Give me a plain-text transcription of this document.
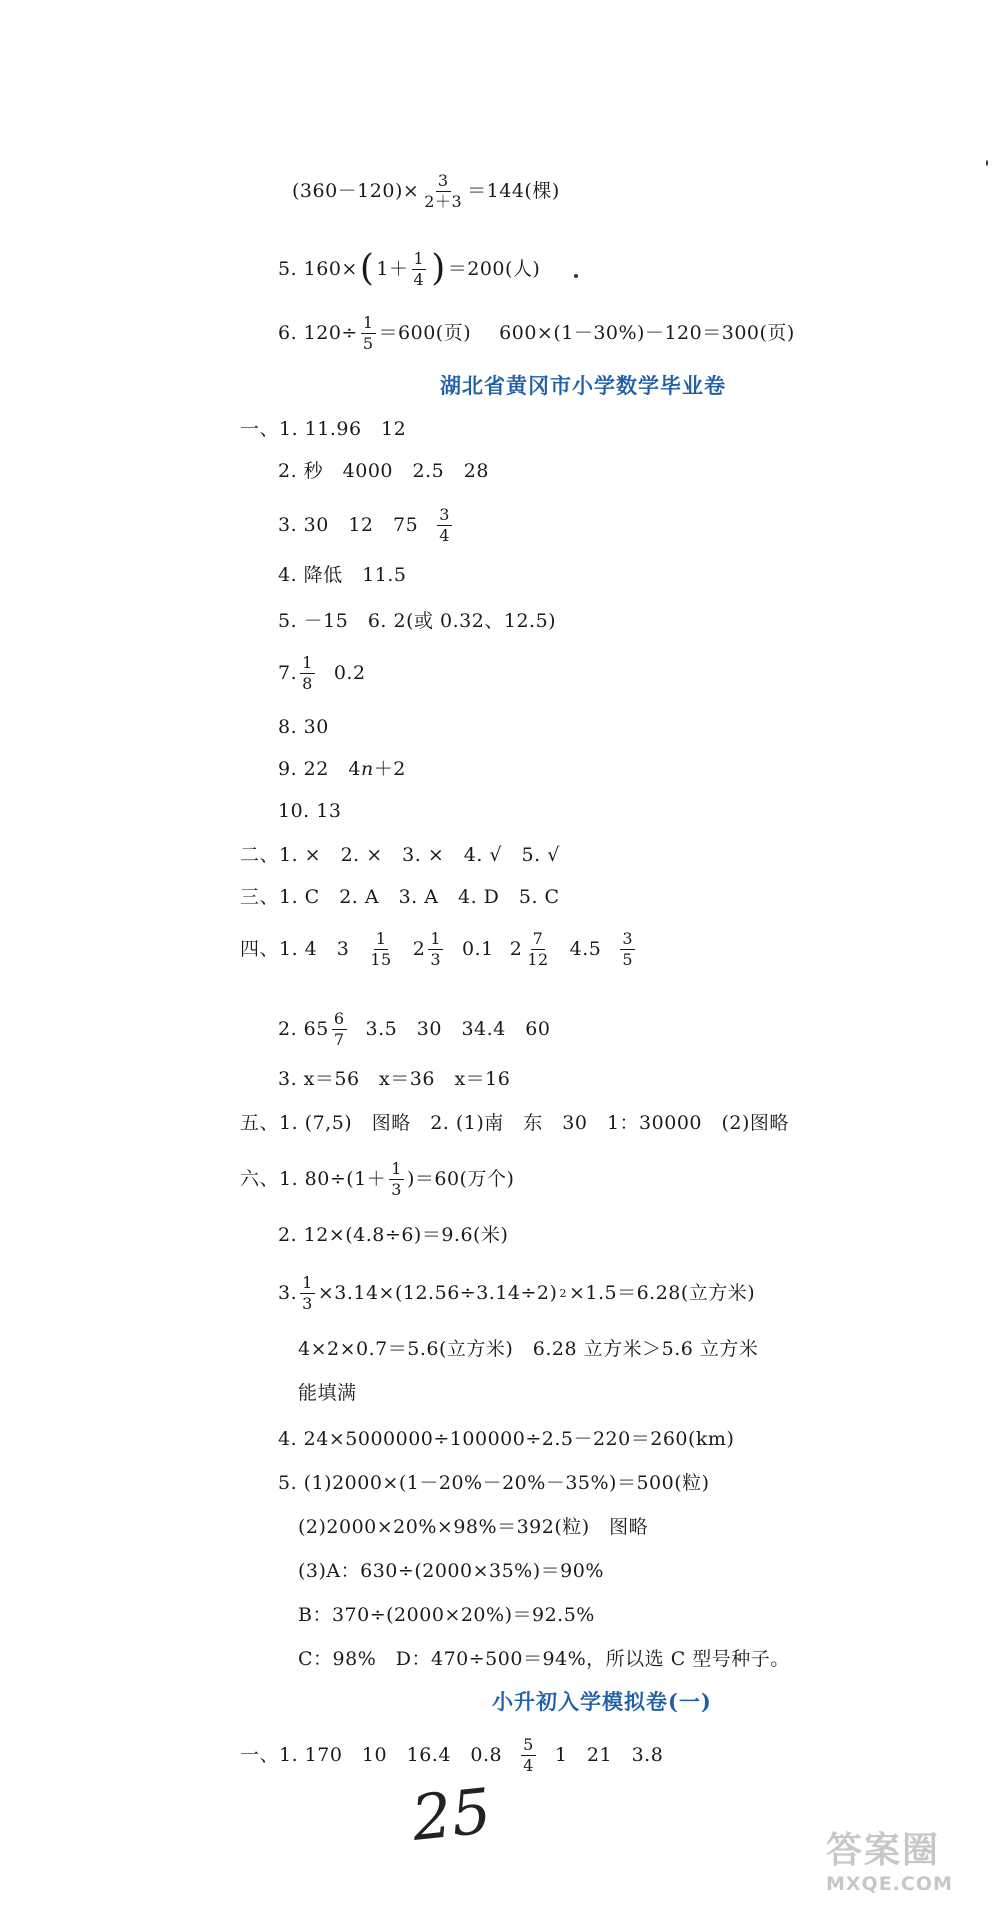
$(360-120)\times \frac{3}{2+3} =144$(棵)
5. 160× ( $1+ \frac{1}{4}$ ) ＝200(人)
6. $120\div \frac{1}{5} =600$(页) 600×(1－30%)－120＝300(页)
湖北省黄冈市小学数学毕业卷
一、1. 11.96　12
2. 秒　4000　2.5　28
3. 30　12　$75 \frac{3}{4}$
4. 降低　11.5
5. －15　6. 2(或 0.32、12.5)
7. $\frac{1}{8} 0.2$
8. 30
9. 22　4 n ＋2
10. 13
二、1. ×　2. ×　3. ×　4. √　5. √
三、1. C　2. A　3. A　4. D　5. C
四、1. 4　$3 \frac{1}{15} 2 \frac{1}{3} 0.1$ $2 \frac{7}{12} 4.5 \frac{3}{5}$
2. $65 \frac{6}{7} 3.5$　30　34.4　60
3. x＝56　x＝36　x＝16
五、1. (7,5)　图略　2. (1)南　东　30　1：30000　(2)图略
六、1. $80\div(1+ \frac{1}{3} )=60$(万个)
2. 12×(4.8÷6)＝9.6(米)
3. $\frac{1}{3} \times 3.14\times(12.56\div 3.14\div 2)$ 2 ×1.5＝6.28(立方米)
4×2×0.7＝5.6(立方米)　6.28 立方米＞5.6 立方米
能填满
4. 24×5000000÷100000÷2.5－220＝260(km)
5. (1)2000×(1－20%－20%－35%)＝500(粒)
(2)2000×20%×98%＝392(粒)　图略
(3)A：630÷(2000×35%)＝90%
B：370÷(2000×20%)＝92.5%
C：98%　D：470÷500＝94%，所以选 C 型号种子。
小升初入学模拟卷(一)
一、1. 170　10　16.4　$0.8 \frac{5}{4} 1$　21　3.8
25	答案圈
MXQE.COM
